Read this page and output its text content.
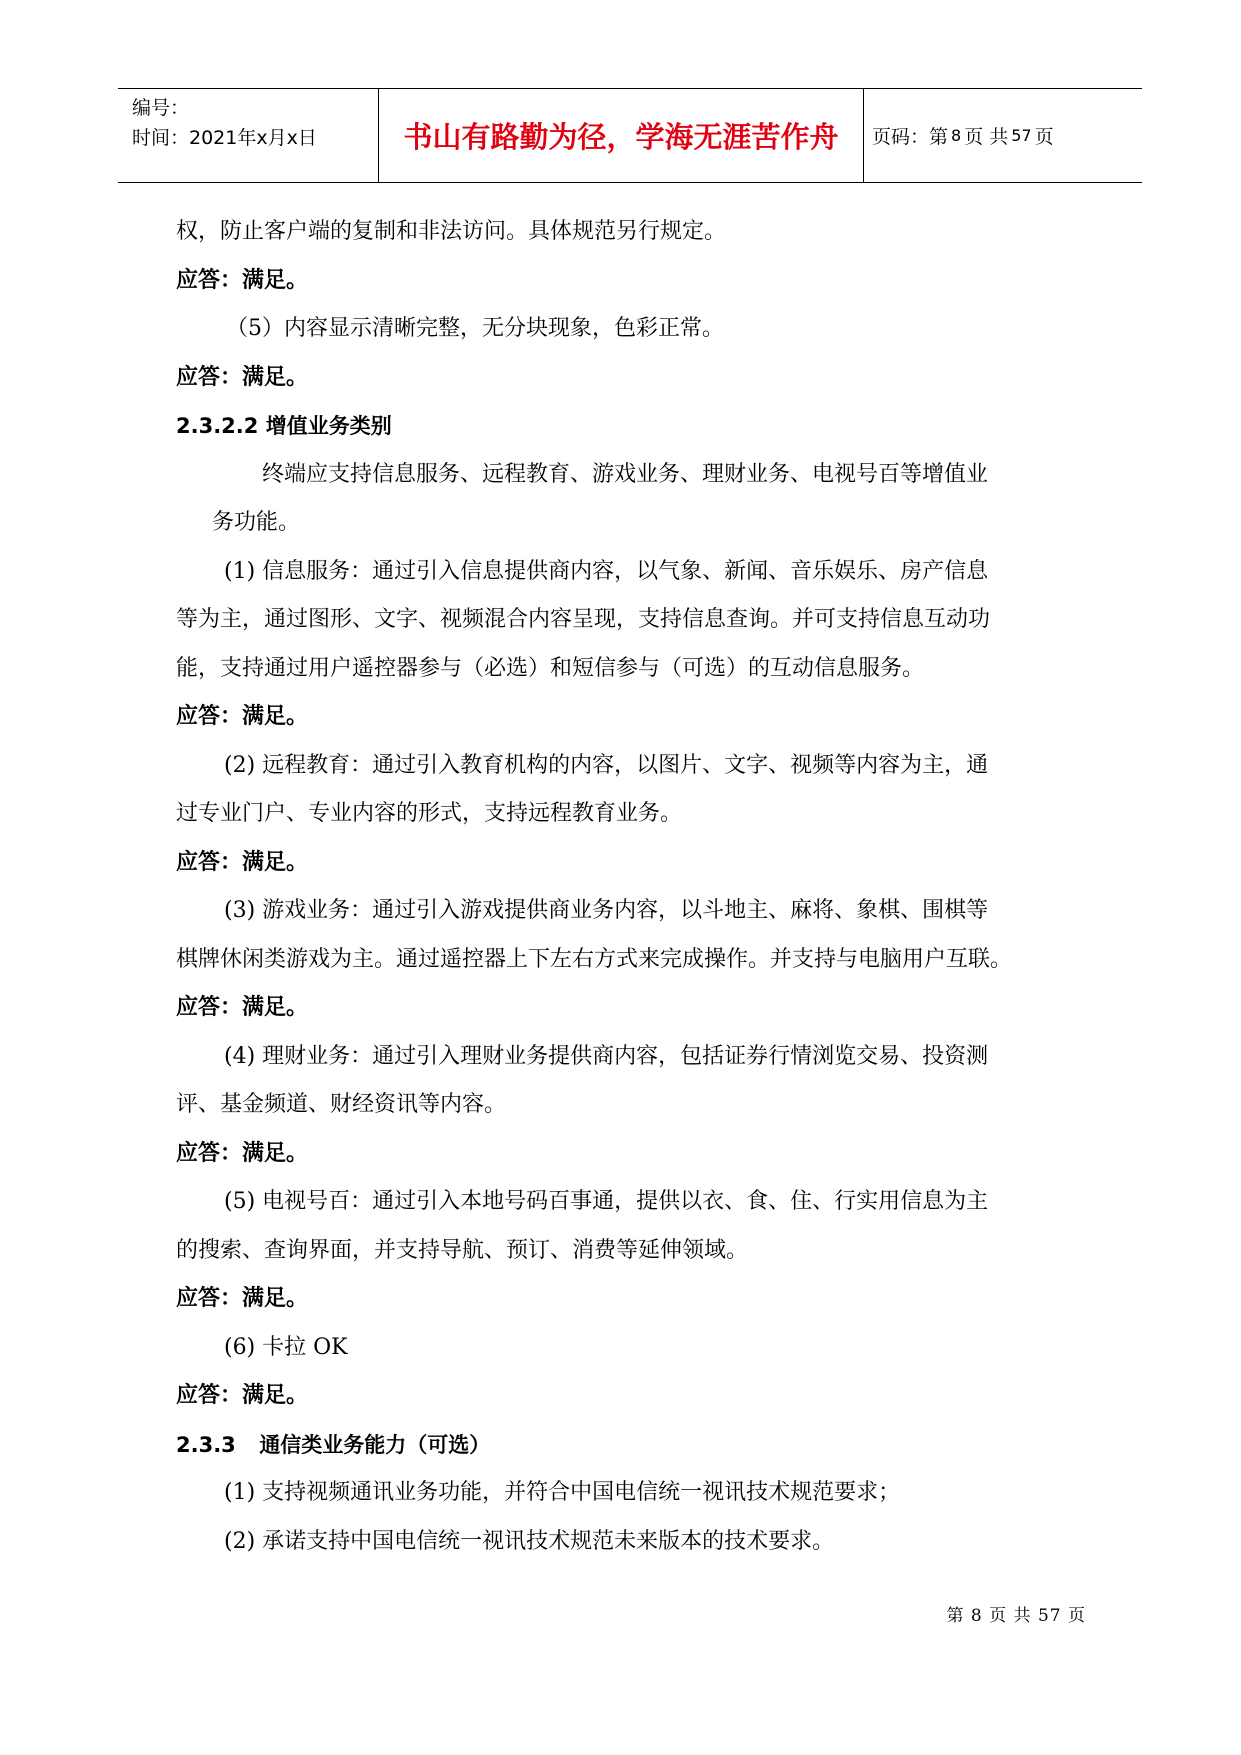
编号：
时间：2021年x月x日	书山有路勤为径，学海无涯苦作舟	页码：第 8 页 共 57 页
权，防止客户端的复制和非法访问。具体规范另行规定。
应答：满足。
（5）内容显示清晰完整，无分块现象，色彩正常。
应答：满足。
2.3.2.2 增值业务类别
终端应支持信息服务、远程教育、游戏业务、理财业务、电视号百等增值业
务功能。
(1) 信息服务：通过引入信息提供商内容，以气象、新闻、音乐娱乐、房产信息
等为主，通过图形、文字、视频混合内容呈现，支持信息查询。并可支持信息互动功
能，支持通过用户遥控器参与（必选）和短信参与（可选）的互动信息服务。
应答：满足。
(2) 远程教育：通过引入教育机构的内容，以图片、文字、视频等内容为主，通
过专业门户、专业内容的形式，支持远程教育业务。
应答：满足。
(3) 游戏业务：通过引入游戏提供商业务内容，以斗地主、麻将、象棋、围棋等
棋牌休闲类游戏为主。通过遥控器上下左右方式来完成操作。并支持与电脑用户互联。
应答：满足。
(4) 理财业务：通过引入理财业务提供商内容，包括证券行情浏览交易、投资测
评、基金频道、财经资讯等内容。
应答：满足。
(5) 电视号百：通过引入本地号码百事通，提供以衣、食、住、行实用信息为主
的搜索、查询界面，并支持导航、预订、消费等延伸领域。
应答：满足。
(6) 卡拉 OK
应答：满足。
2.3.3 通信类业务能力（可选）
(1) 支持视频通讯业务功能，并符合中国电信统一视讯技术规范要求；
(2) 承诺支持中国电信统一视讯技术规范未来版本的技术要求。
第 8 页 共 57 页
